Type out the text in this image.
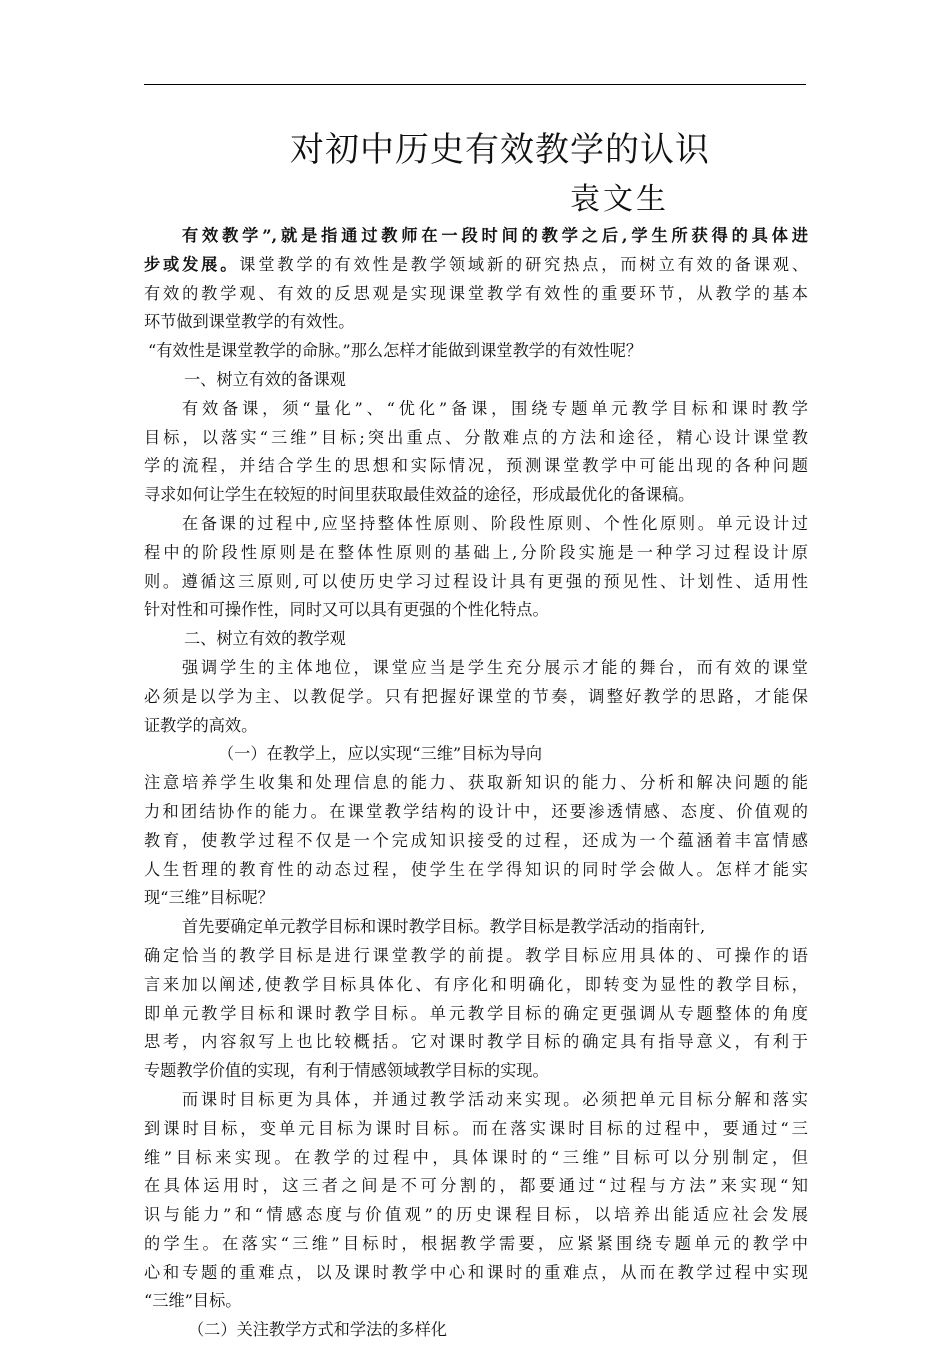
对初中历史有效教学的认识
袁文生
有效教学”,就是指通过教师在一段时间的教学之后,学生所获得的具体进
步或发展。课堂教学的有效性是教学领域新的研究热点，而树立有效的备课观、
有效的教学观、有效的反思观是实现课堂教学有效性的重要环节，从教学的基本
环节做到课堂教学的有效性。
“有效性是课堂教学的命脉。”那么怎样才能做到课堂教学的有效性呢？
一、树立有效的备课观
有效备课，须“量化”、“优化”备课，围绕专题单元教学目标和课时教学
目标，以落实“三维”目标;突出重点、分散难点的方法和途径，精心设计课堂教
学的流程，并结合学生的思想和实际情况，预测课堂教学中可能出现的各种问题
寻求如何让学生在较短的时间里获取最佳效益的途径，形成最优化的备课稿。
在备课的过程中,应坚持整体性原则、阶段性原则、个性化原则。单元设计过
程中的阶段性原则是在整体性原则的基础上,分阶段实施是一种学习过程设计原
则。遵循这三原则,可以使历史学习过程设计具有更强的预见性、计划性、适用性
针对性和可操作性，同时又可以具有更强的个性化特点。
二、树立有效的教学观
强调学生的主体地位，课堂应当是学生充分展示才能的舞台，而有效的课堂
必须是以学为主、以教促学。只有把握好课堂的节奏，调整好教学的思路，才能保
证教学的高效。
（一）在教学上，应以实现“三维”目标为导向
注意培养学生收集和处理信息的能力、获取新知识的能力、分析和解决问题的能
力和团结协作的能力。在课堂教学结构的设计中，还要渗透情感、态度、价值观的
教育，使教学过程不仅是一个完成知识接受的过程，还成为一个蕴涵着丰富情感
人生哲理的教育性的动态过程，使学生在学得知识的同时学会做人。怎样才能实
现“三维”目标呢？
首先要确定单元教学目标和课时教学目标。教学目标是教学活动的指南针,
确定恰当的教学目标是进行课堂教学的前提。教学目标应用具体的、可操作的语
言来加以阐述,使教学目标具体化、有序化和明确化，即转变为显性的教学目标，
即单元教学目标和课时教学目标。单元教学目标的确定更强调从专题整体的角度
思考，内容叙写上也比较概括。它对课时教学目标的确定具有指导意义，有利于
专题教学价值的实现，有利于情感领域教学目标的实现。
而课时目标更为具体，并通过教学活动来实现。必须把单元目标分解和落实
到课时目标，变单元目标为课时目标。而在落实课时目标的过程中，要通过“三
维”目标来实现。在教学的过程中，具体课时的“三维”目标可以分别制定，但
在具体运用时，这三者之间是不可分割的，都要通过“过程与方法”来实现“知
识与能力”和“情感态度与价值观”的历史课程目标，以培养出能适应社会发展
的学生。在落实“三维”目标时，根据教学需要，应紧紧围绕专题单元的教学中
心和专题的重难点，以及课时教学中心和课时的重难点，从而在教学过程中实现
“三维”目标。
（二）关注教学方式和学法的多样化
